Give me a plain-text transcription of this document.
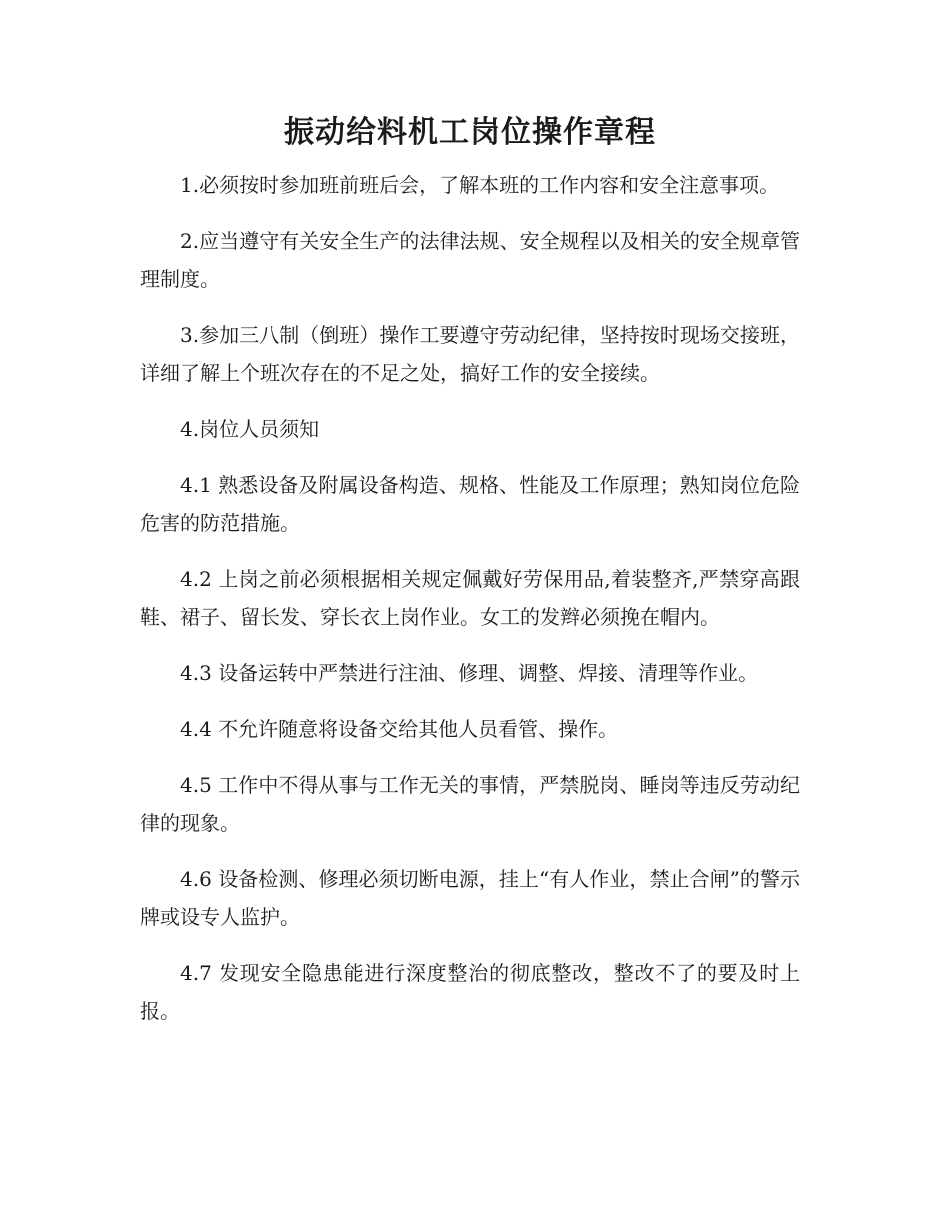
振动给料机工岗位操作章程

1.必须按时参加班前班后会，了解本班的工作内容和安全注意事项。

2.应当遵守有关安全生产的法律法规、安全规程以及相关的安全规章管理制度。

3.参加三八制（倒班）操作工要遵守劳动纪律，坚持按时现场交接班，详细了解上个班次存在的不足之处，搞好工作的安全接续。

4.岗位人员须知

4.1 熟悉设备及附属设备构造、规格、性能及工作原理；熟知岗位危险危害的防范措施。

4.2 上岗之前必须根据相关规定佩戴好劳保用品,着装整齐,严禁穿高跟鞋、裙子、留长发、穿长衣上岗作业。女工的发辫必须挽在帽内。

4.3 设备运转中严禁进行注油、修理、调整、焊接、清理等作业。

4.4 不允许随意将设备交给其他人员看管、操作。

4.5 工作中不得从事与工作无关的事情，严禁脱岗、睡岗等违反劳动纪律的现象。

4.6 设备检测、修理必须切断电源，挂上“有人作业，禁止合闸”的警示牌或设专人监护。

4.7 发现安全隐患能进行深度整治的彻底整改，整改不了的要及时上报。
